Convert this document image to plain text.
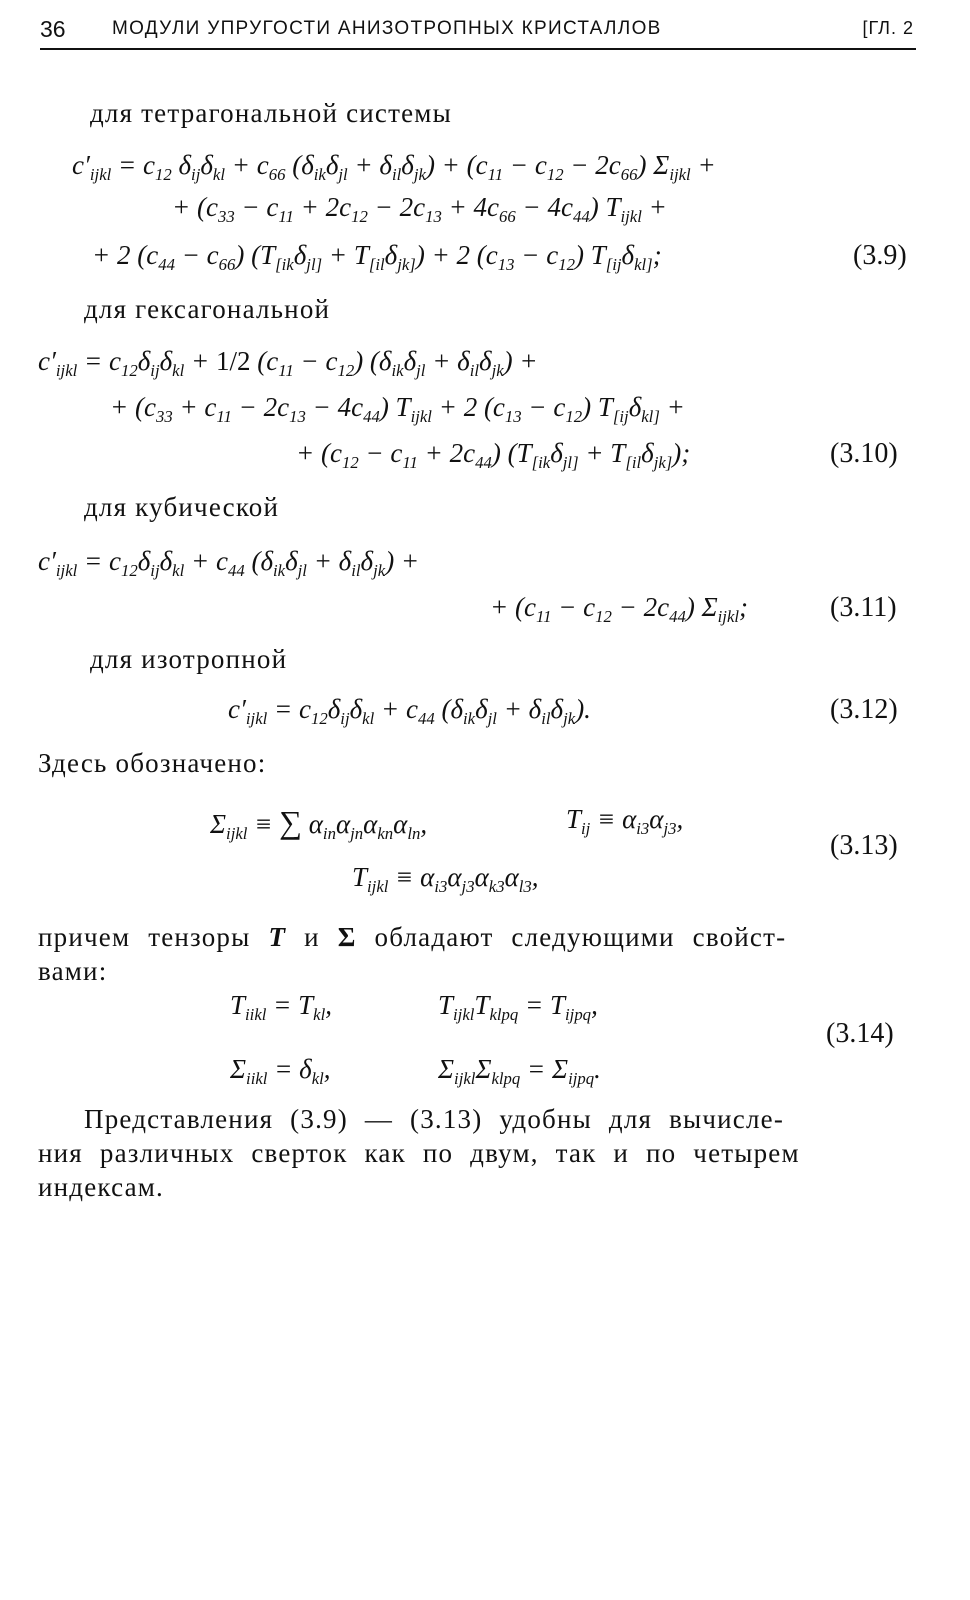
36 МОДУЛИ УПРУГОСТИ АНИЗОТРОПНЫХ КРИСТАЛЛОВ	[ГЛ. 2
для тетрагональной системы
$c'_{ijkl} = c_{12}$ $\delta_{ij}\delta_{kl} + c_{66}$ $(\delta_{ik}\delta_{jl} + \delta_{il}\delta_{jk}) + (c_{11} - c_{12} - 2c_{66}) \Sigma_{ijkl}$ +
+ $(c_{33} - c_{11} + 2c_{12} - 2c_{13} + 4c_{66} - 4c_{44}) T_{ijkl}$ +
+ 2 $(c_{44} - c_{66}) (T_{[ik}\delta_{jl]} + T_{[il}\delta_{jk]}) + 2$ $(c_{13} - c_{12})$ $T_{[ij}\delta_{kl]}$;	(3.9)
для гексагональной
$c'_{ijkl} = c_{12}\delta_{ij}\delta_{kl} + 1/2$ $(c_{11} - c_{12}) (\delta_{ik}\delta_{jl} + \delta_{il}\delta_{jk})$ +
+ $(c_{33} + c_{11} - 2c_{13} - 4c_{44}) T_{ijkl} + 2$ $(c_{13} - c_{12}) T_{[ij}\delta_{kl]}$ +
+ $(c_{12} - c_{11} + 2c_{44}) (T_{[ik}\delta_{jl]} + T_{[il}\delta_{jk]})$;	(3.10)
для кубической
$c'_{ijkl} = c_{12}\delta_{ij}\delta_{kl} + c_{44}$ $(\delta_{ik}\delta_{jl} + \delta_{il}\delta_{jk})$ +
+ $(c_{11} - c_{12} - 2c_{44})$ $\Sigma_{ijkl}$;	(3.11)
для изотропной
$c'_{ijkl} = c_{12}\delta_{ij}\delta_{kl} + c_{44}$ $(\delta_{ik}\delta_{jl} + \delta_{il}\delta_{jk})$.	(3.12)
Здесь обозначено:
$\Sigma_{ijkl}$ ≡ ∑ $\alpha_{in}\alpha_{jn}\alpha_{kn}\alpha_{ln}$,	$T_{ij} \equiv \alpha_{i3}\alpha_{j3}$,
$T_{ijkl} \equiv \alpha_{i3}\alpha_{j3}\alpha_{k3}\alpha_{l3}$,
(3.13)
причем тензоры T и Σ обладают следующими свойст-
вами:
$T_{iikl} = T_{kl}$,	$T_{ijkl}T_{klpq} = T_{ijpq}$,
$\Sigma_{iikl} = \delta_{kl}$,	$\Sigma_{ijkl}\Sigma_{klpq} = \Sigma_{ijpq}$.
(3.14)
Представления (3.9) — (3.13) удобны для вычисле-
ния различных сверток как по двум, так и по четырем
индексам.
